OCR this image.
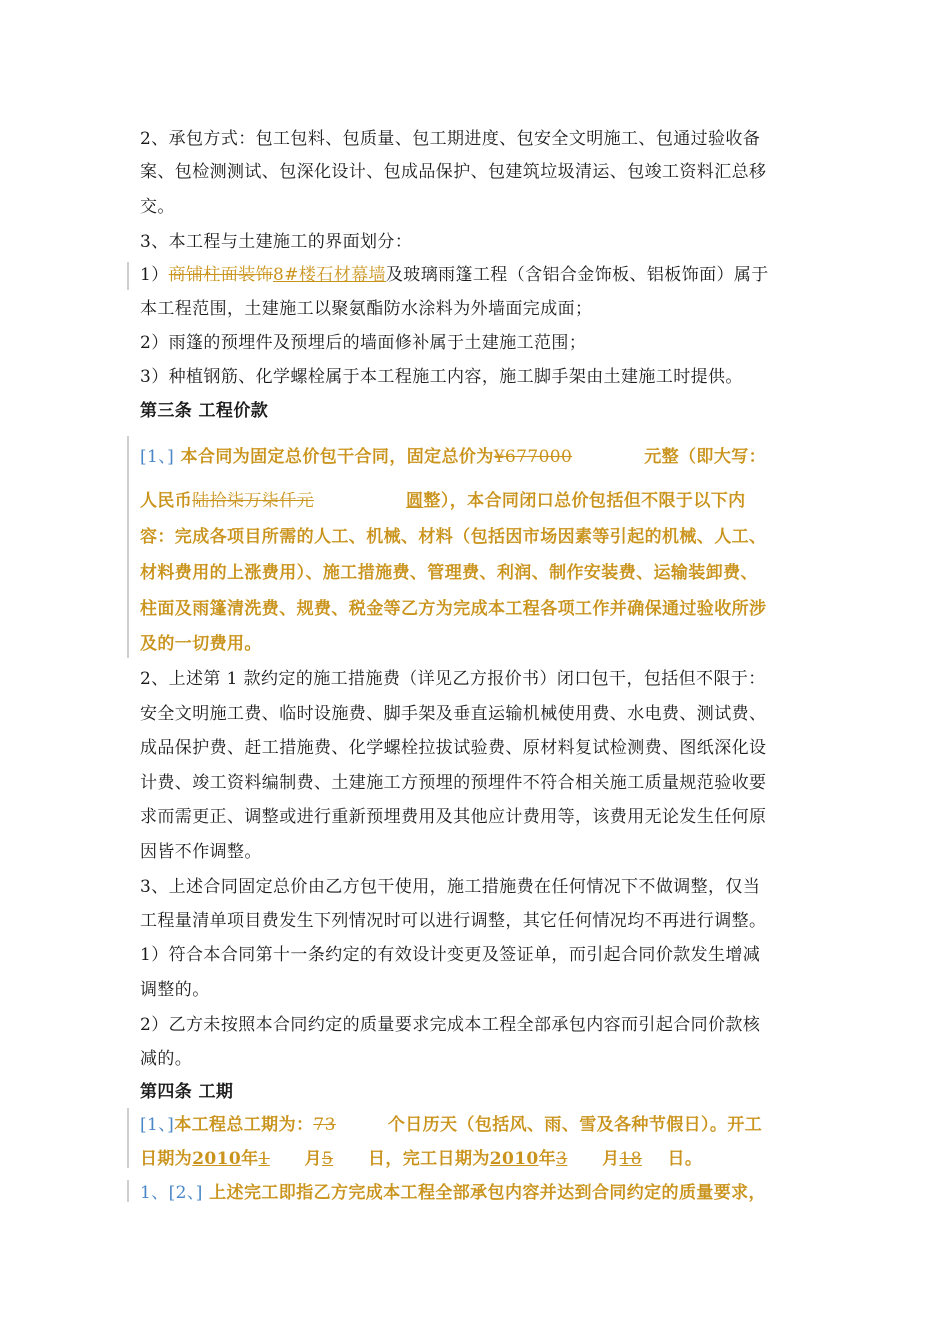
2、承包方式：包工包料、包质量、包工期进度、包安全文明施工、包通过验收备
案、包检测测试、包深化设计、包成品保护、包建筑垃圾清运、包竣工资料汇总移
交。
3、本工程与土建施工的界面划分：
1）商铺柱面装饰8#楼石材幕墙及玻璃雨篷工程（含铝合金饰板、铝板饰面）属于
本工程范围，土建施工以聚氨酯防水涂料为外墙面完成面；
2）雨篷的预埋件及预埋后的墙面修补属于土建施工范围；
3）种植钢筋、化学螺栓属于本工程施工内容，施工脚手架由土建施工时提供。
第三条 工程价款
[1、] 本合同为固定总价包干合同，固定总价为¥677000	元整（即大写：
人民币陆拾柒万柒仟元	圆整），本合同闭口总价包括但不限于以下内
容：完成各项目所需的人工、机械、材料（包括因市场因素等引起的机械、人工、
材料费用的上涨费用）、施工措施费、管理费、利润、制作安装费、运输装卸费、
柱面及雨篷清洗费、规费、税金等乙方为完成本工程各项工作并确保通过验收所涉
及的一切费用。
2、上述第 1 款约定的施工措施费（详见乙方报价书）闭口包干，包括但不限于：
安全文明施工费、临时设施费、脚手架及垂直运输机械使用费、水电费、测试费、
成品保护费、赶工措施费、化学螺栓拉拔试验费、原材料复试检测费、图纸深化设
计费、竣工资料编制费、土建施工方预埋的预埋件不符合相关施工质量规范验收要
求而需更正、调整或进行重新预埋费用及其他应计费用等，该费用无论发生任何原
因皆不作调整。
3、上述合同固定总价由乙方包干使用，施工措施费在任何情况下不做调整，仅当
工程量清单项目费发生下列情况时可以进行调整，其它任何情况均不再进行调整。
1）符合本合同第十一条约定的有效设计变更及签证单，而引起合同价款发生增减
调整的。
2）乙方未按照本合同约定的质量要求完成本工程全部承包内容而引起合同价款核
减的。
第四条 工期
[1、]本工程总工期为：73	个日历天（包括风、雨、雪及各种节假日）。开工
日期为2010年1 月5 日，完工日期为2010年3 月18 日。
1、[2、] 上述完工即指乙方完成本工程全部承包内容并达到合同约定的质量要求，
